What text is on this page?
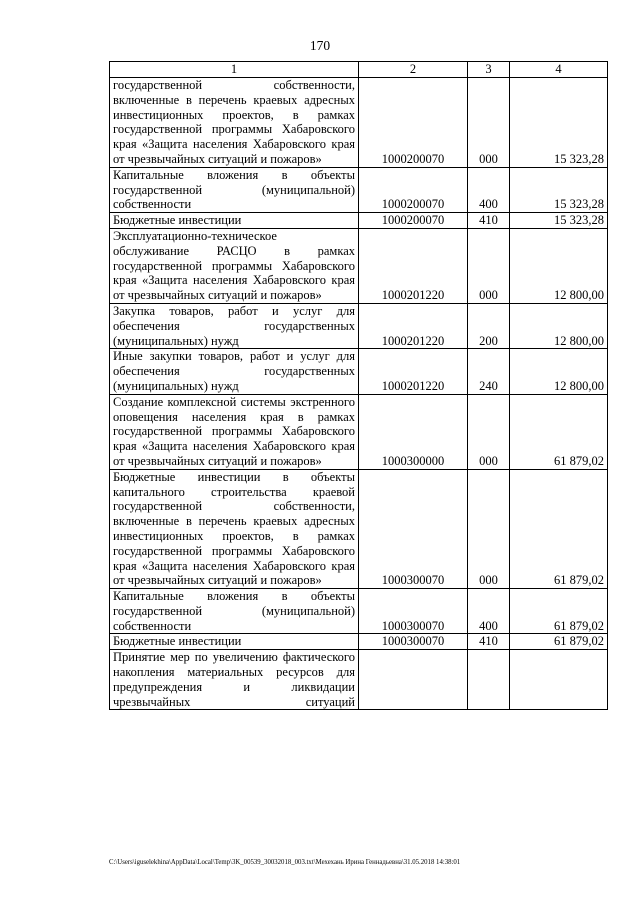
170
1	2	3	4
государственной собственности, включенные в перечень краевых адресных инвестиционных проектов, в рамках государственной программы Хабаровского края «Защита населения Хабаровского края от чрезвычайных ситуаций и пожаров»	1000200070	000	15 323,28
Капитальные вложения в объекты государственной (муниципальной) собственности	1000200070	400	15 323,28
Бюджетные инвестиции	1000200070	410	15 323,28
Эксплуатационно-техническое обслуживание РАСЦО в рамках государственной программы Хабаровского края «Защита населения Хабаровского края от чрезвычайных ситуаций и пожаров»	1000201220	000	12 800,00
Закупка товаров, работ и услуг для обеспечения государственных (муниципальных) нужд	1000201220	200	12 800,00
Иные закупки товаров, работ и услуг для обеспечения государственных (муниципальных) нужд	1000201220	240	12 800,00
Создание комплексной системы экстренного оповещения населения края в рамках государственной программы Хабаровского края «Защита населения Хабаровского края от чрезвычайных ситуаций и пожаров»	1000300000	000	61 879,02
Бюджетные инвестиции в объекты капитального строительства краевой государственной собственности, включенные в перечень краевых адресных инвестиционных проектов, в рамках государственной программы Хабаровского края «Защита населения Хабаровского края от чрезвычайных ситуаций и пожаров»	1000300070	000	61 879,02
Капитальные вложения в объекты государственной (муниципальной) собственности	1000300070	400	61 879,02
Бюджетные инвестиции	1000300070	410	61 879,02
Принятие мер по увеличению фактического накопления материальных ресурсов для предупреждения и ликвидации чрезвычайных ситуаций			
C:\Users\iguselekhina\AppData\Local\Temp\3K_00539_30032018_003.txt\Мехехань Ирина Геннадьевна\31.05.2018 14:38:01
